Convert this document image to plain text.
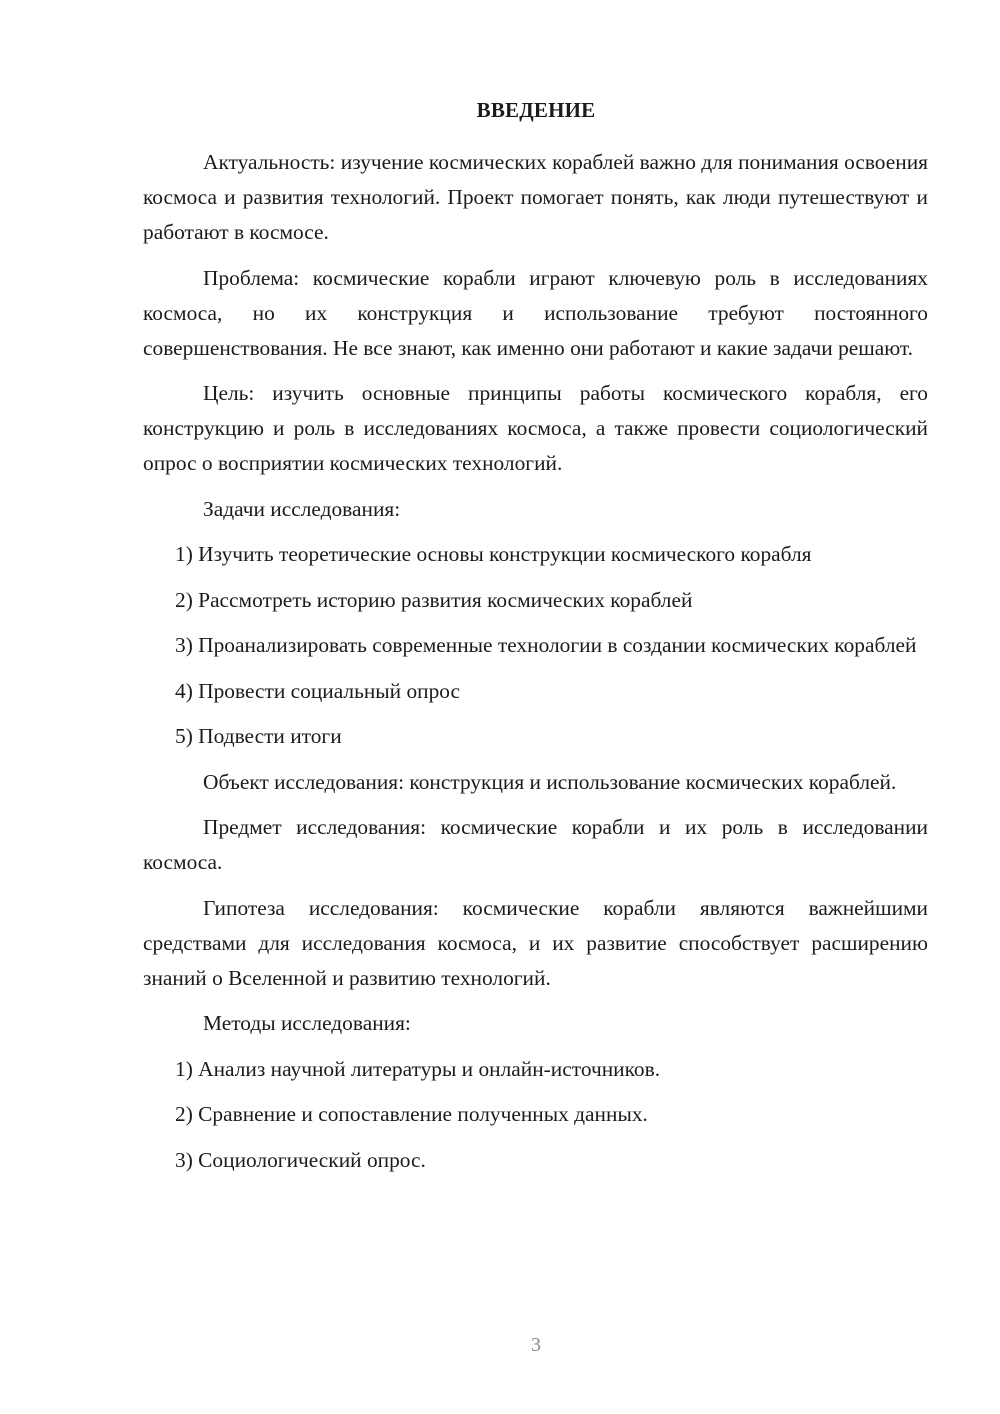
ВВЕДЕНИЕ

Актуальность: изучение космических кораблей важно для понимания освоения космоса и развития технологий. Проект помогает понять, как люди путешествуют и работают в космосе.

Проблема: космические корабли играют ключевую роль в исследованиях космоса, но их конструкция и использование требуют постоянного совершенствования. Не все знают, как именно они работают и какие задачи решают.

Цель: изучить основные принципы работы космического корабля, его конструкцию и роль в исследованиях космоса, а также провести социологический опрос о восприятии космических технологий.

Задачи исследования:

1) Изучить теоретические основы конструкции космического корабля

2) Рассмотреть историю развития космических кораблей

3) Проанализировать современные технологии в создании космических кораблей

4) Провести социальный опрос

5) Подвести итоги

Объект исследования: конструкция и использование космических кораблей.

Предмет исследования: космические корабли и их роль в исследовании космоса.

Гипотеза исследования: космические корабли являются важнейшими средствами для исследования космоса, и их развитие способствует расширению знаний о Вселенной и развитию технологий.

Методы исследования:

1) Анализ научной литературы и онлайн-источников.

2) Сравнение и сопоставление полученных данных.

3) Социологический опрос.

3
